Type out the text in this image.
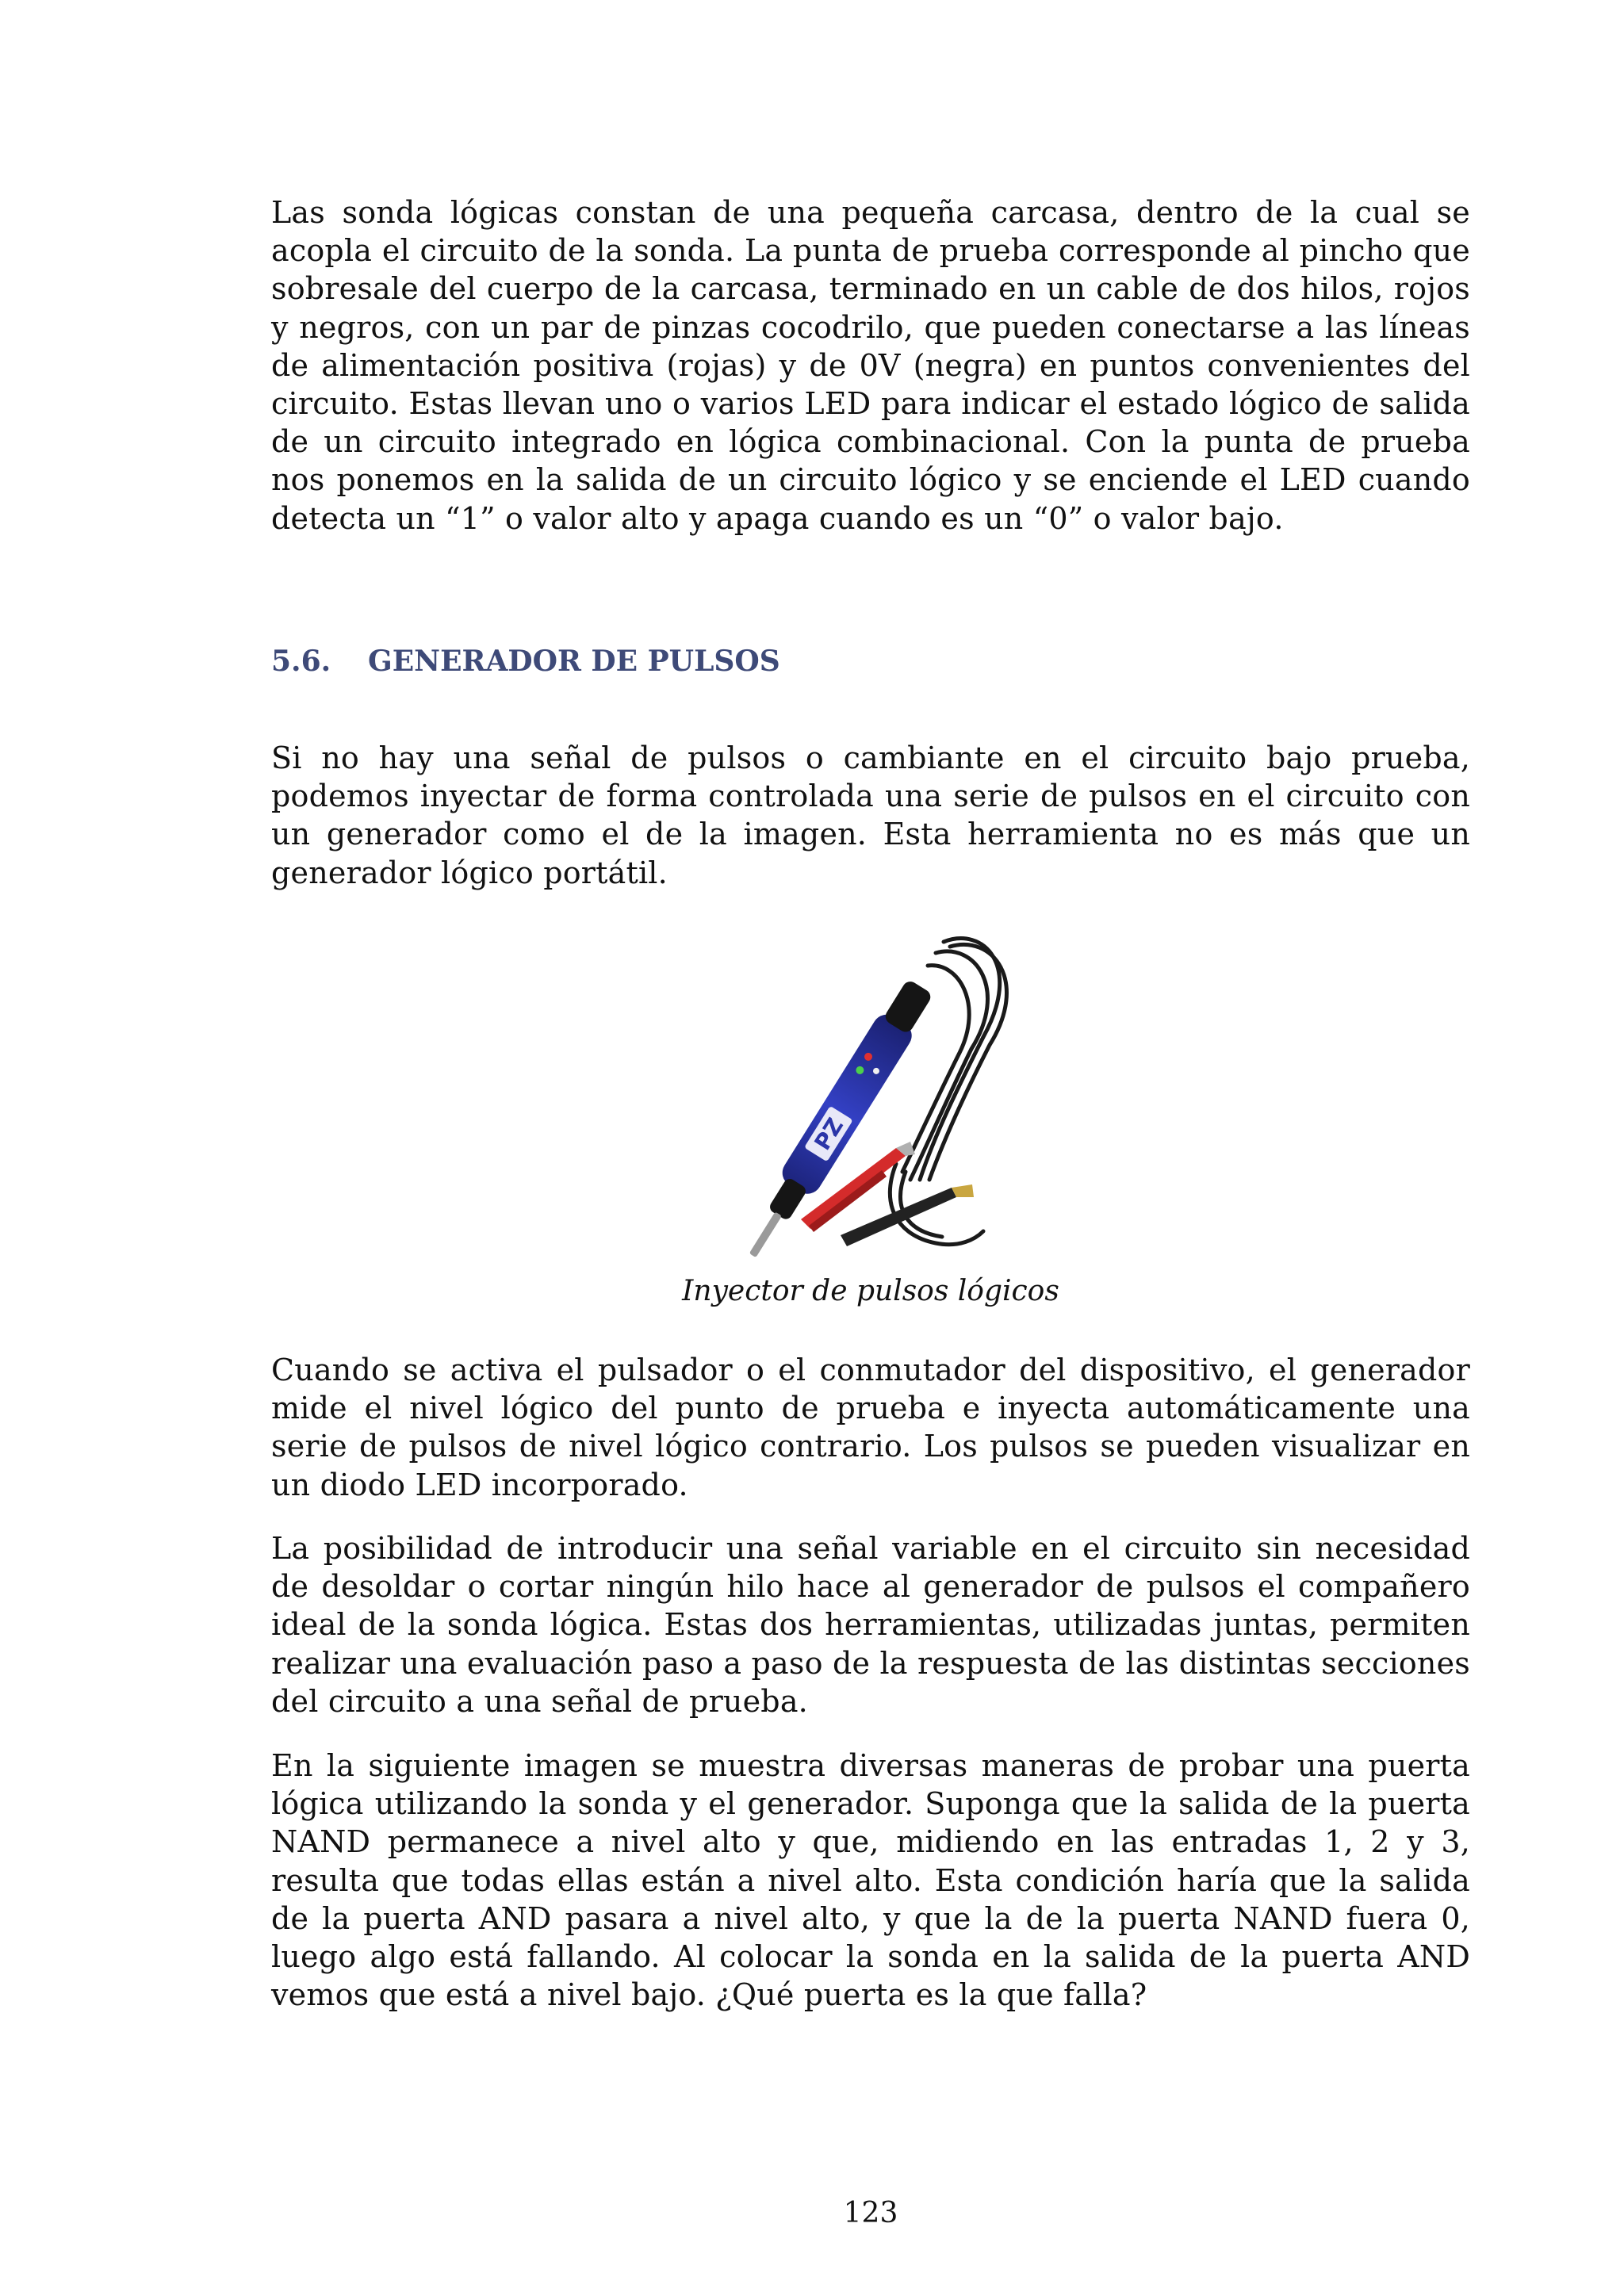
Las sonda lógicas constan de una pequeña carcasa, dentro de la cual se acopla el circuito de la sonda. La punta de prueba corresponde al pincho que sobresale del cuerpo de la carcasa, terminado en un cable de dos hilos, rojos y negros, con un par de pinzas cocodrilo, que pueden conectarse a las líneas de alimentación positiva (rojas) y de 0V (negra) en puntos convenientes del circuito. Estas llevan uno o varios LED para indicar el estado lógico de salida de un circuito integrado en lógica combinacional. Con la punta de prueba nos ponemos en la salida de un circuito lógico y se enciende el LED cuando detecta un “1” o valor alto y apaga cuando es un “0” o valor bajo.

5.6. GENERADOR DE PULSOS

Si no hay una señal de pulsos o cambiante en el circuito bajo prueba, podemos inyectar de forma controlada una serie de pulsos en el circuito con un generador como el de la imagen. Esta herramienta no es más que un generador lógico portátil.

PZ

Inyector de pulsos lógicos

Cuando se activa el pulsador o el conmutador del dispositivo, el generador mide el nivel lógico del punto de prueba e inyecta automáticamente una serie de pulsos de nivel lógico contrario. Los pulsos se pueden visualizar en un diodo LED incorporado.

La posibilidad de introducir una señal variable en el circuito sin necesidad de desoldar o cortar ningún hilo hace al generador de pulsos el compañero ideal de la sonda lógica. Estas dos herramientas, utilizadas juntas, permiten realizar una evaluación paso a paso de la respuesta de las distintas secciones del circuito a una señal de prueba.

En la siguiente imagen se muestra diversas maneras de probar una puerta lógica utilizando la sonda y el generador. Suponga que la salida de la puerta NAND permanece a nivel alto y que, midiendo en las entradas 1, 2 y 3, resulta que todas ellas están a nivel alto. Esta condición haría que la salida de la puerta AND pasara a nivel alto, y que la de la puerta NAND fuera 0, luego algo está fallando. Al colocar la sonda en la salida de la puerta AND vemos que está a nivel bajo. ¿Qué puerta es la que falla?

123
